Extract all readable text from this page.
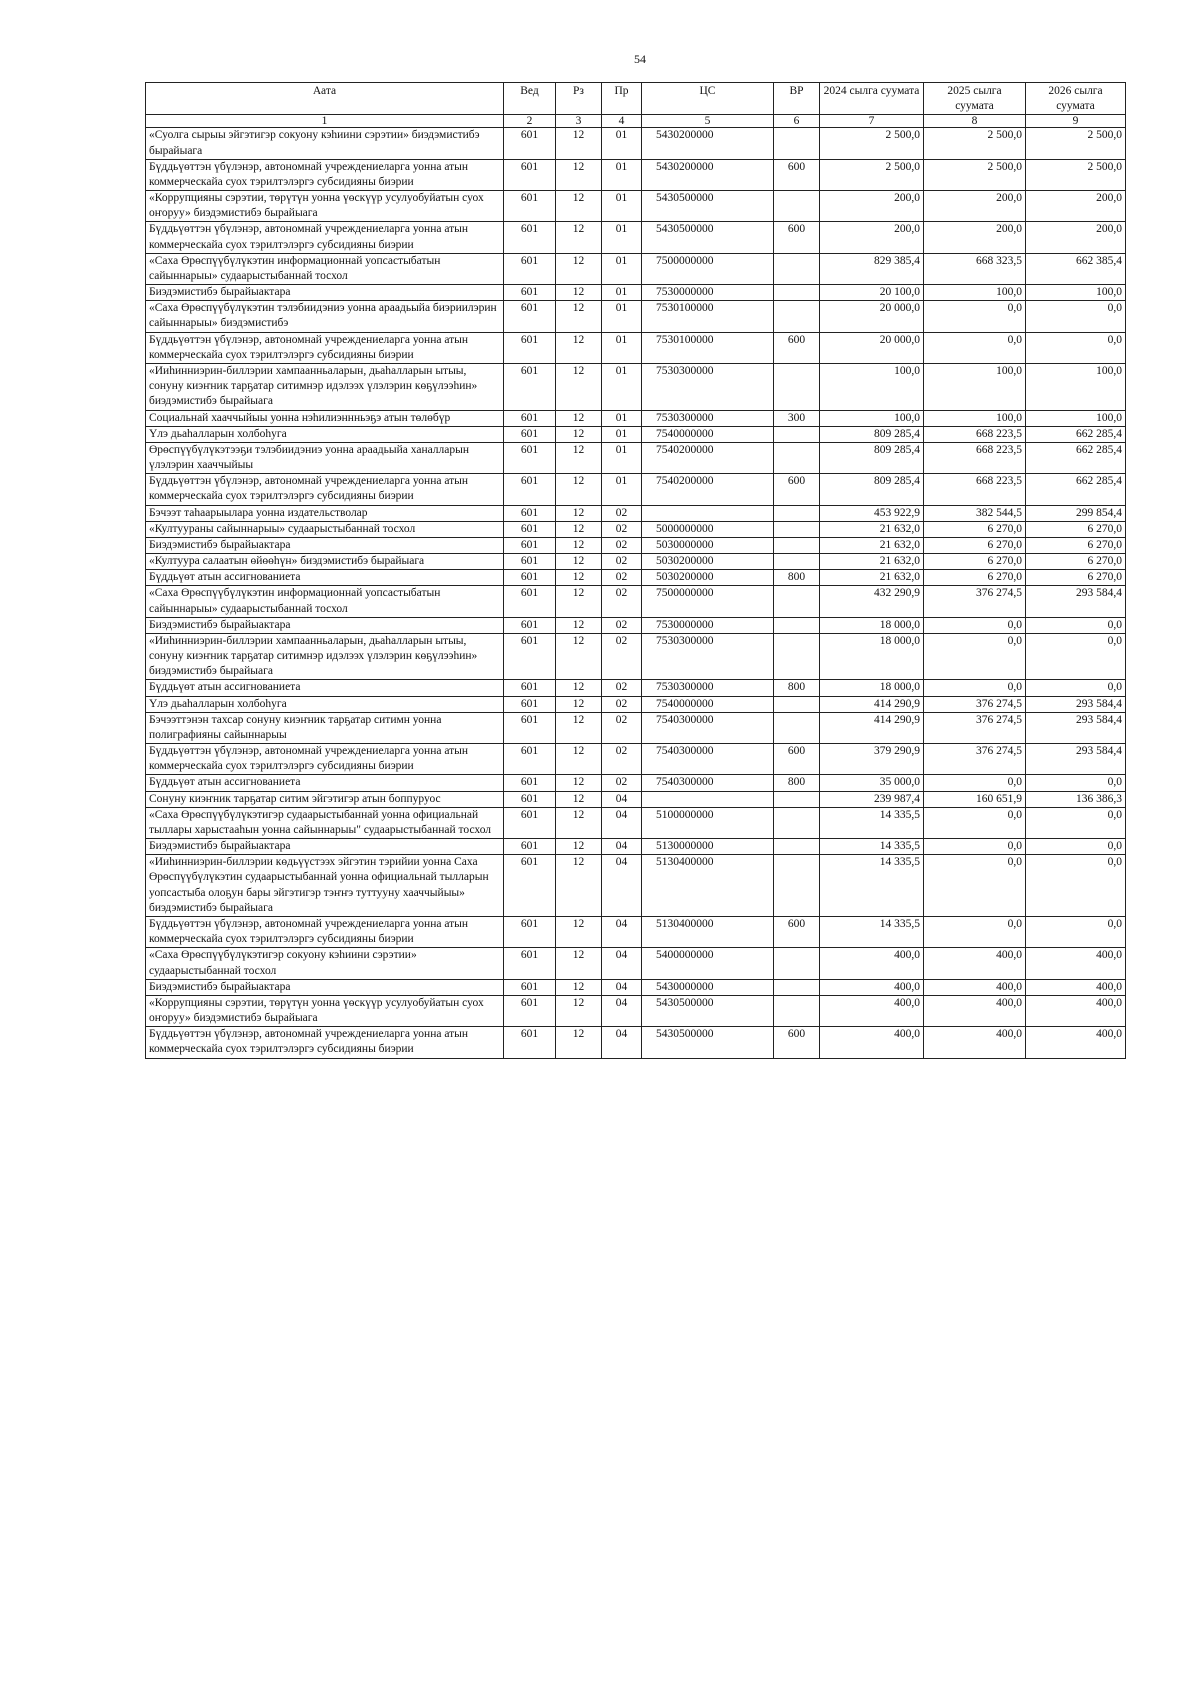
54
Аата	Вед	Рз	Пр	ЦС	ВР	2024 сылга суумата	2025 сылга суумата	2026 сылга суумата
1	2	3	4	5	6	7	8	9
«Суолга сырыы эйгэтигэр сокуону кэһиини сэрэтии» биэдэмистибэ бырайыага	601	12	01	5430200000		2 500,0	2 500,0	2 500,0
Бүддьүөттэн үбүлэнэр, автономнай учреждениеларга уонна атын коммерческайа суох тэрилтэлэргэ субсидияны биэрии	601	12	01	5430200000	600	2 500,0	2 500,0	2 500,0
«Коррупцияны сэрэтии, төрүтүн уонна үөскүүр усулуобуйатын суох оҥоруу» биэдэмистибэ бырайыага	601	12	01	5430500000		200,0	200,0	200,0
Бүддьүөттэн үбүлэнэр, автономнай учреждениеларга уонна атын коммерческайа суох тэрилтэлэргэ субсидияны биэрии	601	12	01	5430500000	600	200,0	200,0	200,0
«Саха Өрөспүүбүлүкэтин информационнай уопсастыбатын сайыннарыы» судаарыстыбаннай тосхол	601	12	01	7500000000		829 385,4	668 323,5	662 385,4
Биэдэмистибэ бырайыактара	601	12	01	7530000000		20 100,0	100,0	100,0
«Саха Өрөспүүбүлүкэтин тэлэбиидэниэ уонна араадьыйа биэриилэрин сайыннарыы» биэдэмистибэ	601	12	01	7530100000		20 000,0	0,0	0,0
Бүддьүөттэн үбүлэнэр, автономнай учреждениеларга уонна атын коммерческайа суох тэрилтэлэргэ субсидияны биэрии	601	12	01	7530100000	600	20 000,0	0,0	0,0
«Ииһинниэрин-биллэрии хампаанньаларын, дьаһалларын ытыы, сонуну киэҥник тарҕатар ситимнэр идэлээх үлэлэрин көҕүлээһин» биэдэмистибэ бырайыага	601	12	01	7530300000		100,0	100,0	100,0
Социальнай хааччыйыы уонна нэһилиэннньэҕэ атын төлөбүр	601	12	01	7530300000	300	100,0	100,0	100,0
Үлэ дьаһалларын холбоһуга	601	12	01	7540000000		809 285,4	668 223,5	662 285,4
Өрөспүүбүлүкэтээҕи тэлэбиидэниэ уонна араадьыйа ханалларын үлэлэрин хааччыйыы	601	12	01	7540200000		809 285,4	668 223,5	662 285,4
Бүддьүөттэн үбүлэнэр, автономнай учреждениеларга уонна атын коммерческайа суох тэрилтэлэргэ субсидияны биэрии	601	12	01	7540200000	600	809 285,4	668 223,5	662 285,4
Бэчээт таһаарыылара уонна издательстволар	601	12	02			453 922,9	382 544,5	299 854,4
«Култуураны сайыннарыы» судаарыстыбаннай тосхол	601	12	02	5000000000		21 632,0	6 270,0	6 270,0
Биэдэмистибэ бырайыактара	601	12	02	5030000000		21 632,0	6 270,0	6 270,0
«Култуура салаатын өйөөһүн» биэдэмистибэ бырайыага	601	12	02	5030200000		21 632,0	6 270,0	6 270,0
Бүддьүөт атын ассигнованиета	601	12	02	5030200000	800	21 632,0	6 270,0	6 270,0
«Саха Өрөспүүбүлүкэтин информационнай уопсастыбатын сайыннарыы» судаарыстыбаннай тосхол	601	12	02	7500000000		432 290,9	376 274,5	293 584,4
Биэдэмистибэ бырайыактара	601	12	02	7530000000		18 000,0	0,0	0,0
«Ииһинниэрин-биллэрии хампаанньаларын, дьаһалларын ытыы, сонуну киэҥник тарҕатар ситимнэр идэлээх үлэлэрин көҕүлээһин» биэдэмистибэ бырайыага	601	12	02	7530300000		18 000,0	0,0	0,0
Бүддьүөт атын ассигнованиета	601	12	02	7530300000	800	18 000,0	0,0	0,0
Үлэ дьаһалларын холбоһуга	601	12	02	7540000000		414 290,9	376 274,5	293 584,4
Бэчээттэнэн тахсар сонуну киэҥник тарҕатар ситимн уонна полиграфияны сайыннарыы	601	12	02	7540300000		414 290,9	376 274,5	293 584,4
Бүддьүөттэн үбүлэнэр, автономнай учреждениеларга уонна атын коммерческайа суох тэрилтэлэргэ субсидияны биэрии	601	12	02	7540300000	600	379 290,9	376 274,5	293 584,4
Бүддьүөт атын ассигнованиета	601	12	02	7540300000	800	35 000,0	0,0	0,0
Сонуну киэҥник тарҕатар ситим эйгэтигэр атын боппуруос	601	12	04			239 987,4	160 651,9	136 386,3
«Саха Өрөспүүбүлүкэтигэр судаарыстыбаннай уонна официальнай тыллары харыстааһын уонна сайыннарыы" судаарыстыбаннай тосхол	601	12	04	5100000000		14 335,5	0,0	0,0
Биэдэмистибэ бырайыактара	601	12	04	5130000000		14 335,5	0,0	0,0
«Ииһинниэрин-биллэрии көдьүүстээх эйгэтин тэрийии уонна Саха Өрөспүүбүлүкэтин судаарыстыбаннай уонна официальнай тылларын уопсастыба олоҕун бары эйгэтигэр тэҥҥэ туттууну хааччыйыы» биэдэмистибэ бырайыага	601	12	04	5130400000		14 335,5	0,0	0,0
Бүддьүөттэн үбүлэнэр, автономнай учреждениеларга уонна атын коммерческайа суох тэрилтэлэргэ субсидияны биэрии	601	12	04	5130400000	600	14 335,5	0,0	0,0
«Саха Өрөспүүбүлүкэтигэр сокуону кэһиини сэрэтии» судаарыстыбаннай тосхол	601	12	04	5400000000		400,0	400,0	400,0
Биэдэмистибэ бырайыактара	601	12	04	5430000000		400,0	400,0	400,0
«Коррупцияны сэрэтии, төрүтүн уонна үөскүүр усулуобуйатын суох оҥоруу» биэдэмистибэ бырайыага	601	12	04	5430500000		400,0	400,0	400,0
Бүддьүөттэн үбүлэнэр, автономнай учреждениеларга уонна атын коммерческайа суох тэрилтэлэргэ субсидияны биэрии	601	12	04	5430500000	600	400,0	400,0	400,0
